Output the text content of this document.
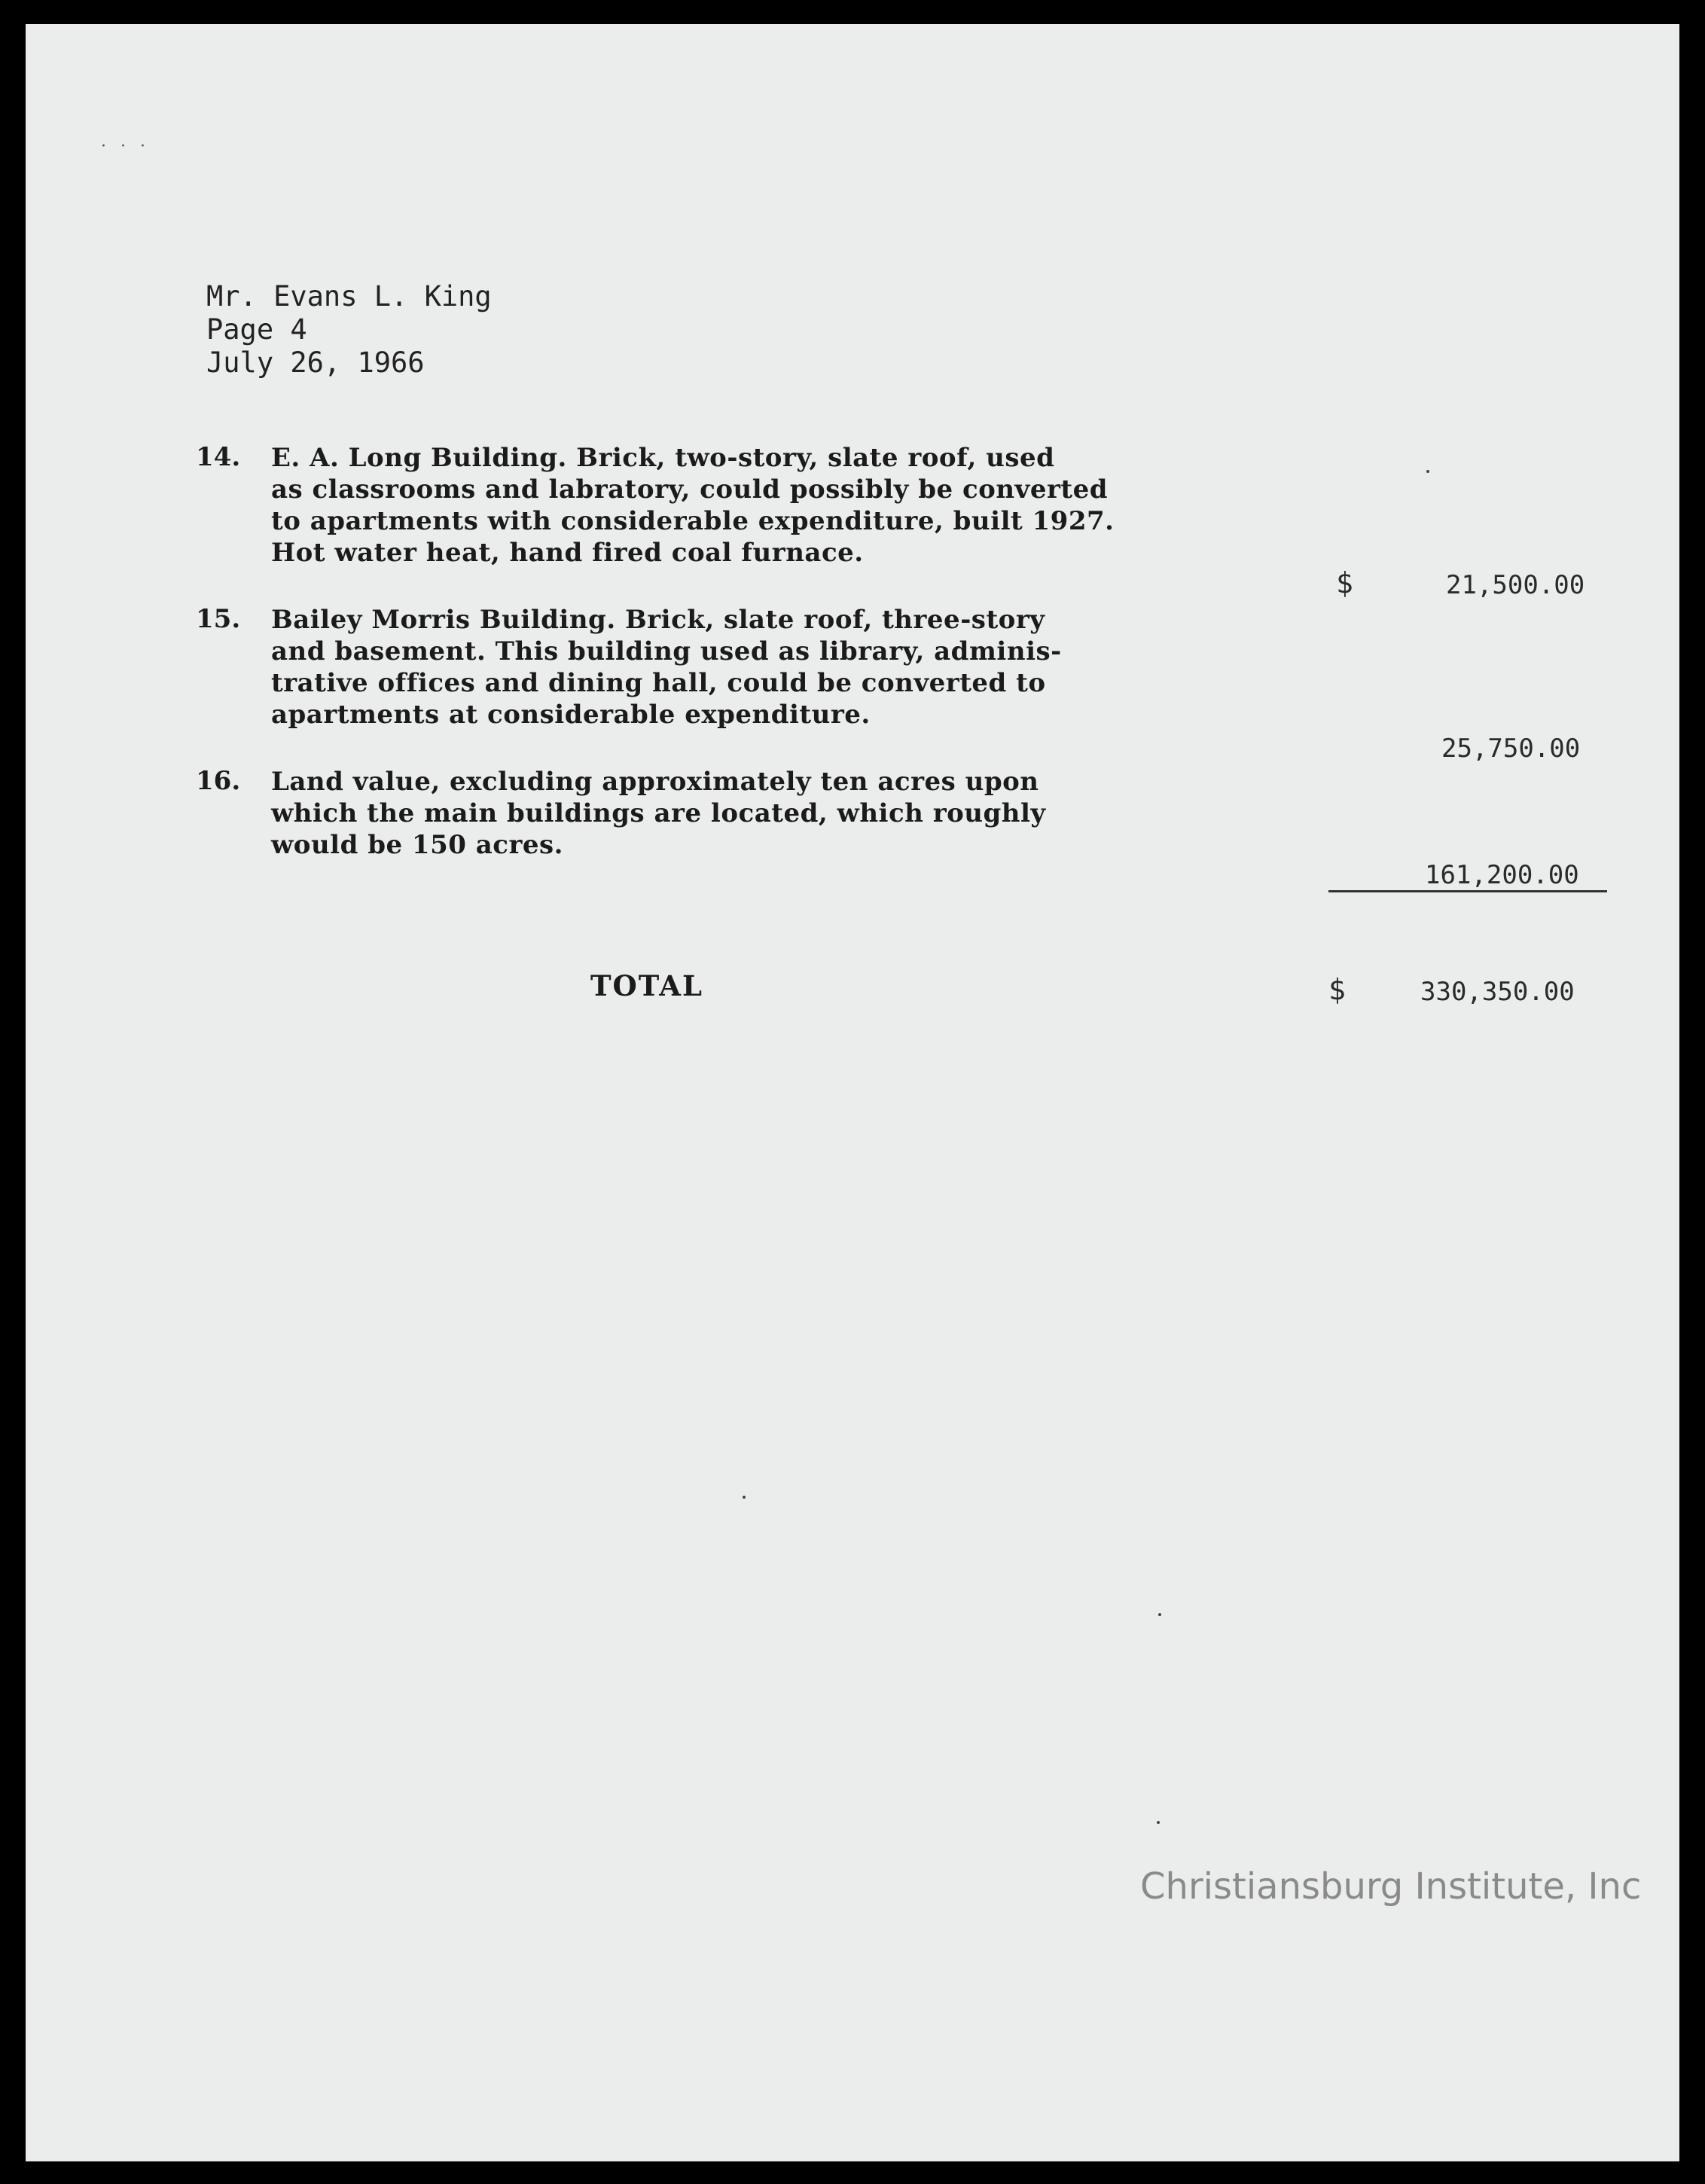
· · ·
Mr. Evans L. King
Page 4
July 26, 1966
14. E. A. Long Building. Brick, two-story, slate roof, used
as classrooms and labratory, could possibly be converted
to apartments with considerable expenditure, built 1927.
Hot water heat, hand fired coal furnace.
$	21,500.00
15. Bailey Morris Building. Brick, slate roof, three-story
and basement. This building used as library, adminis-
trative offices and dining hall, could be converted to
apartments at considerable expenditure.
25,750.00
16. Land value, excluding approximately ten acres upon
which the main buildings are located, which roughly
would be 150 acres.
161,200.00
TOTAL	$	330,350.00
Christiansburg Institute, Inc
